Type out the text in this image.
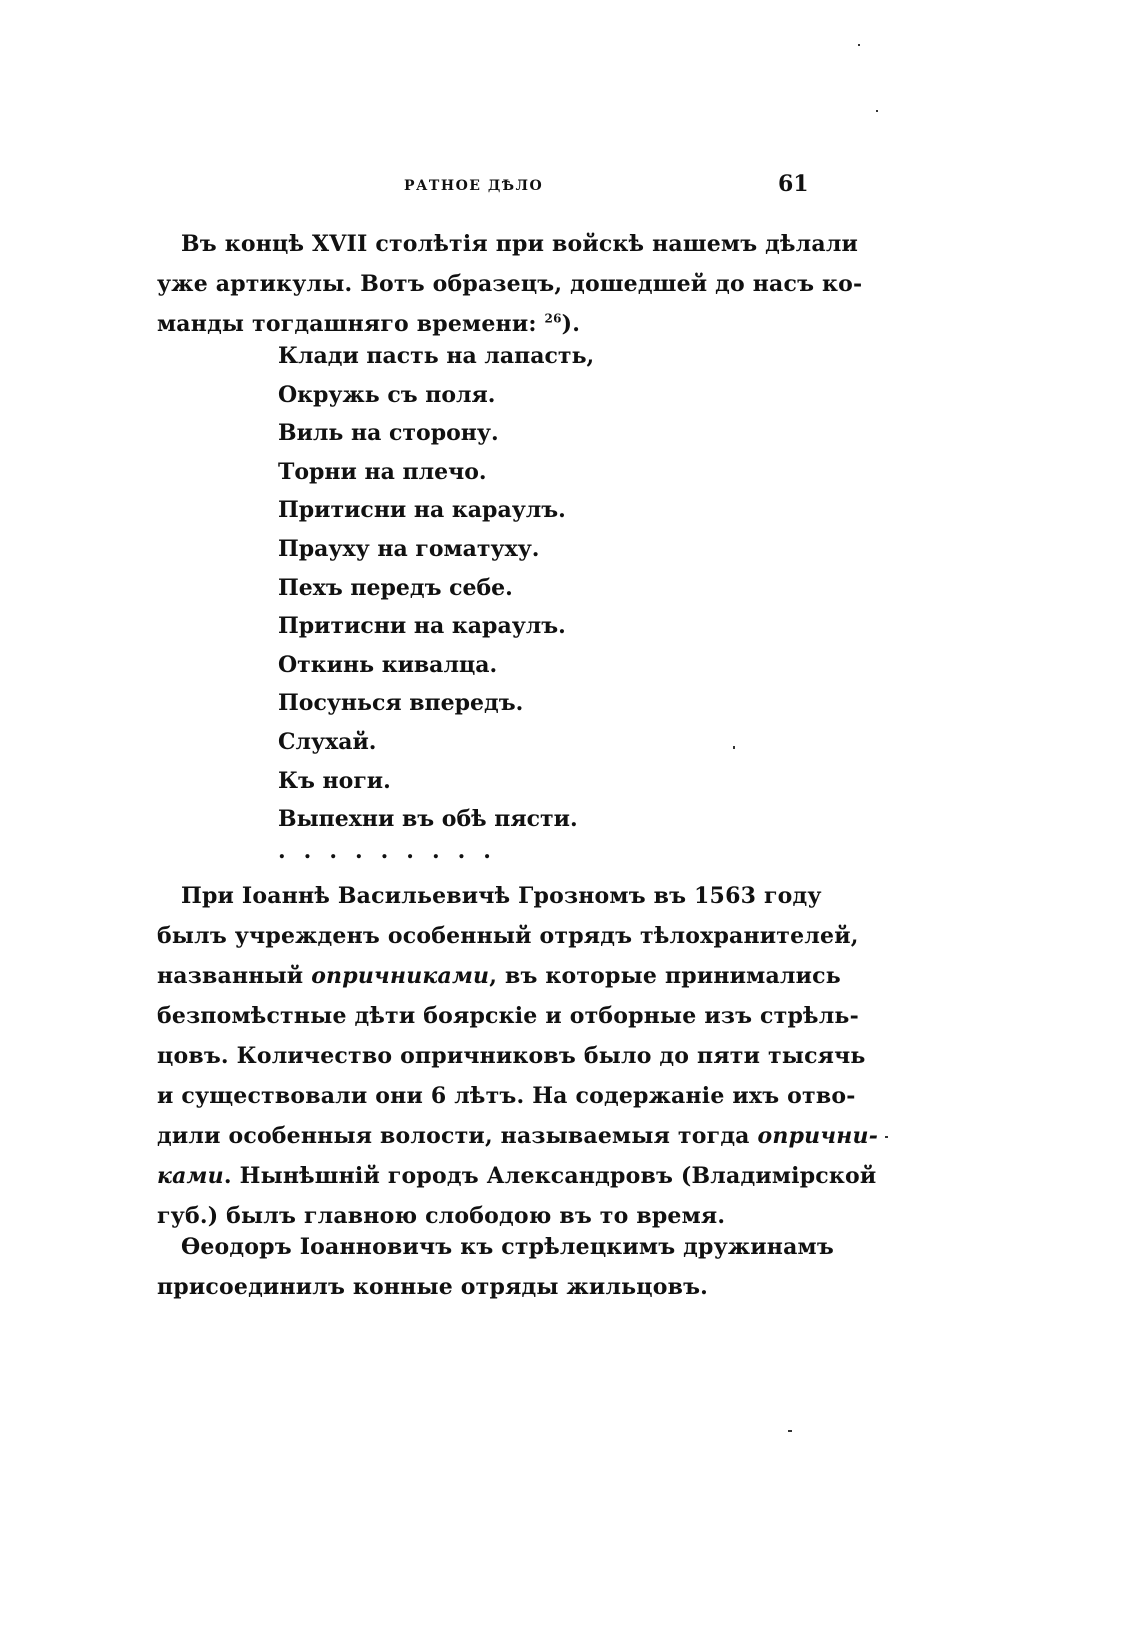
РАТНОЕ ДѢЛО	61

Въ концѣ XVII столѣтія при войскѣ нашемъ дѣлали
уже артикулы. Вотъ образецъ, дошедшей до насъ ко-
манды тогдашняго времени: $^{26}$).

Клади пасть на лапасть,
Окружь съ поля.
Виль на сторону.
Торни на плечо.
Притисни на караулъ.
Прауху на гоматуху.
Пехъ передъ себе.
Притисни на караулъ.
Откинь кивалца.
Посунься впередъ.
Слухай.
Къ ноги.
Выпехни въ обѣ пясти.
.........

При Іоаннѣ Васильевичѣ Грозномъ въ 1563 году
былъ учрежденъ особенный отрядъ тѣлохранителей,
названный опричниками, въ которые принимались
безпомѣстные дѣти боярскіе и отборные изъ стрѣль-
цовъ. Количество опричниковъ было до пяти тысячь
и существовали они 6 лѣтъ. На содержаніе ихъ отво-
дили особенныя волости, называемыя тогда опрични-
ками. Нынѣшній городъ Александровъ (Владимірской
губ.) былъ главною слободою въ то время.

Ѳеодоръ Іоанновичъ къ стрѣлецкимъ дружинамъ
присоединилъ конные отряды жильцовъ.
